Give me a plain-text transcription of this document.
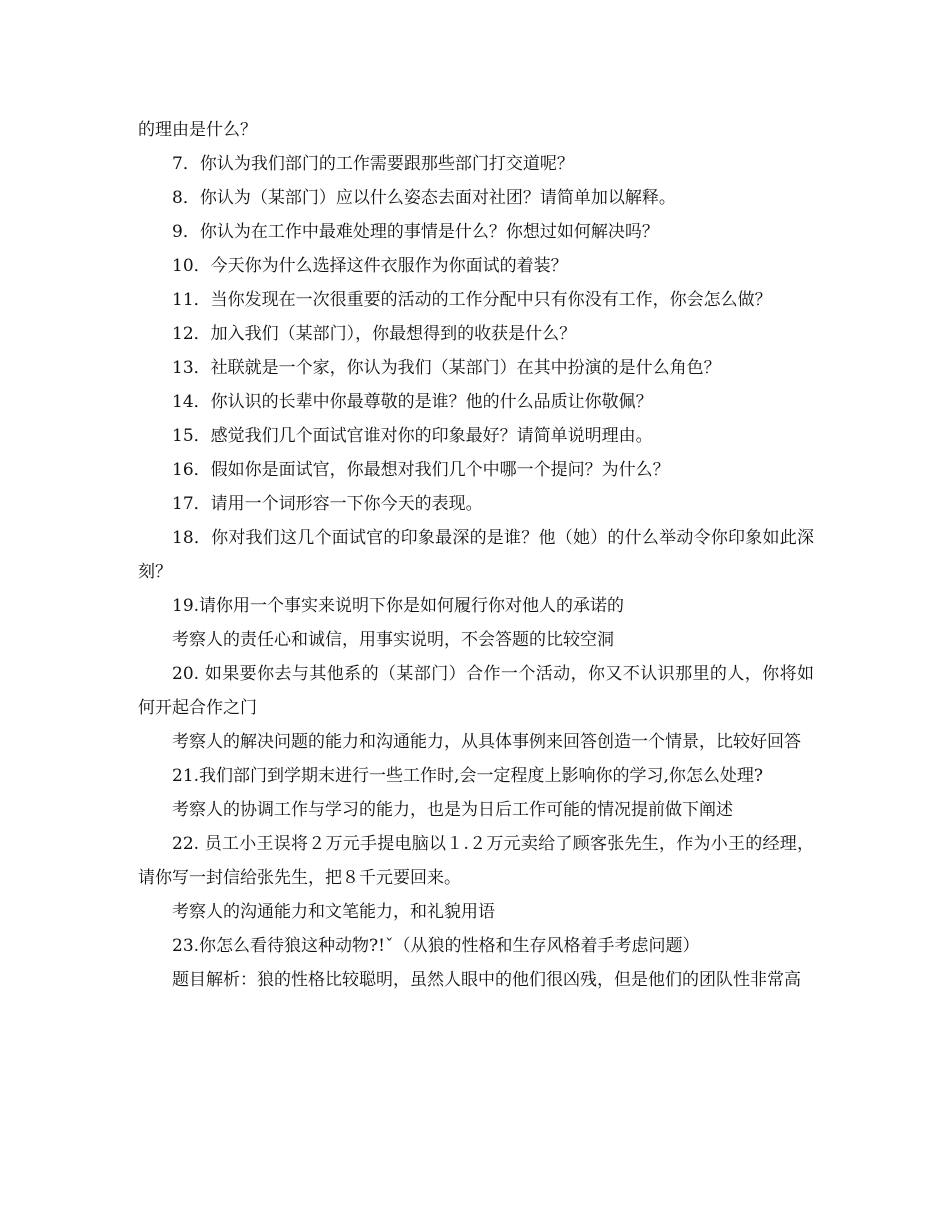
的理由是什么？

7．你认为我们部门的工作需要跟那些部门打交道呢？

8．你认为（某部门）应以什么姿态去面对社团？请简单加以解释。

9．你认为在工作中最难处理的事情是什么？你想过如何解决吗？

10．今天你为什么选择这件衣服作为你面试的着装？

11．当你发现在一次很重要的活动的工作分配中只有你没有工作，你会怎么做？

12．加入我们（某部门），你最想得到的收获是什么？

13．社联就是一个家，你认为我们（某部门）在其中扮演的是什么角色？

14．你认识的长辈中你最尊敬的是谁？他的什么品质让你敬佩？

15．感觉我们几个面试官谁对你的印象最好？请简单说明理由。

16．假如你是面试官，你最想对我们几个中哪一个提问？为什么？

17．请用一个词形容一下你今天的表现。

18．你对我们这几个面试官的印象最深的是谁？他（她）的什么举动令你印象如此深刻？

19.请你用一个事实来说明下你是如何履行你对他人的承诺的

考察人的责任心和诚信，用事实说明，不会答题的比较空洞

20. 如果要你去与其他系的（某部门）合作一个活动，你又不认识那里的人，你将如何开起合作之门

考察人的解决问题的能力和沟通能力，从具体事例来回答创造一个情景，比较好回答

21.我们部门到学期末进行一些工作时,会一定程度上影响你的学习,你怎么处理?

考察人的协调工作与学习的能力，也是为日后工作可能的情况提前做下阐述

22. 员工小王误将２万元手提电脑以１.２万元卖给了顾客张先生，作为小王的经理，请你写一封信给张先生，把８千元要回来。

考察人的沟通能力和文笔能力，和礼貌用语

23.你怎么看待狼这种动物?!ˇ（从狼的性格和生存风格着手考虑问题）

题目解析：狼的性格比较聪明，虽然人眼中的他们很凶残，但是他们的团队性非常高
